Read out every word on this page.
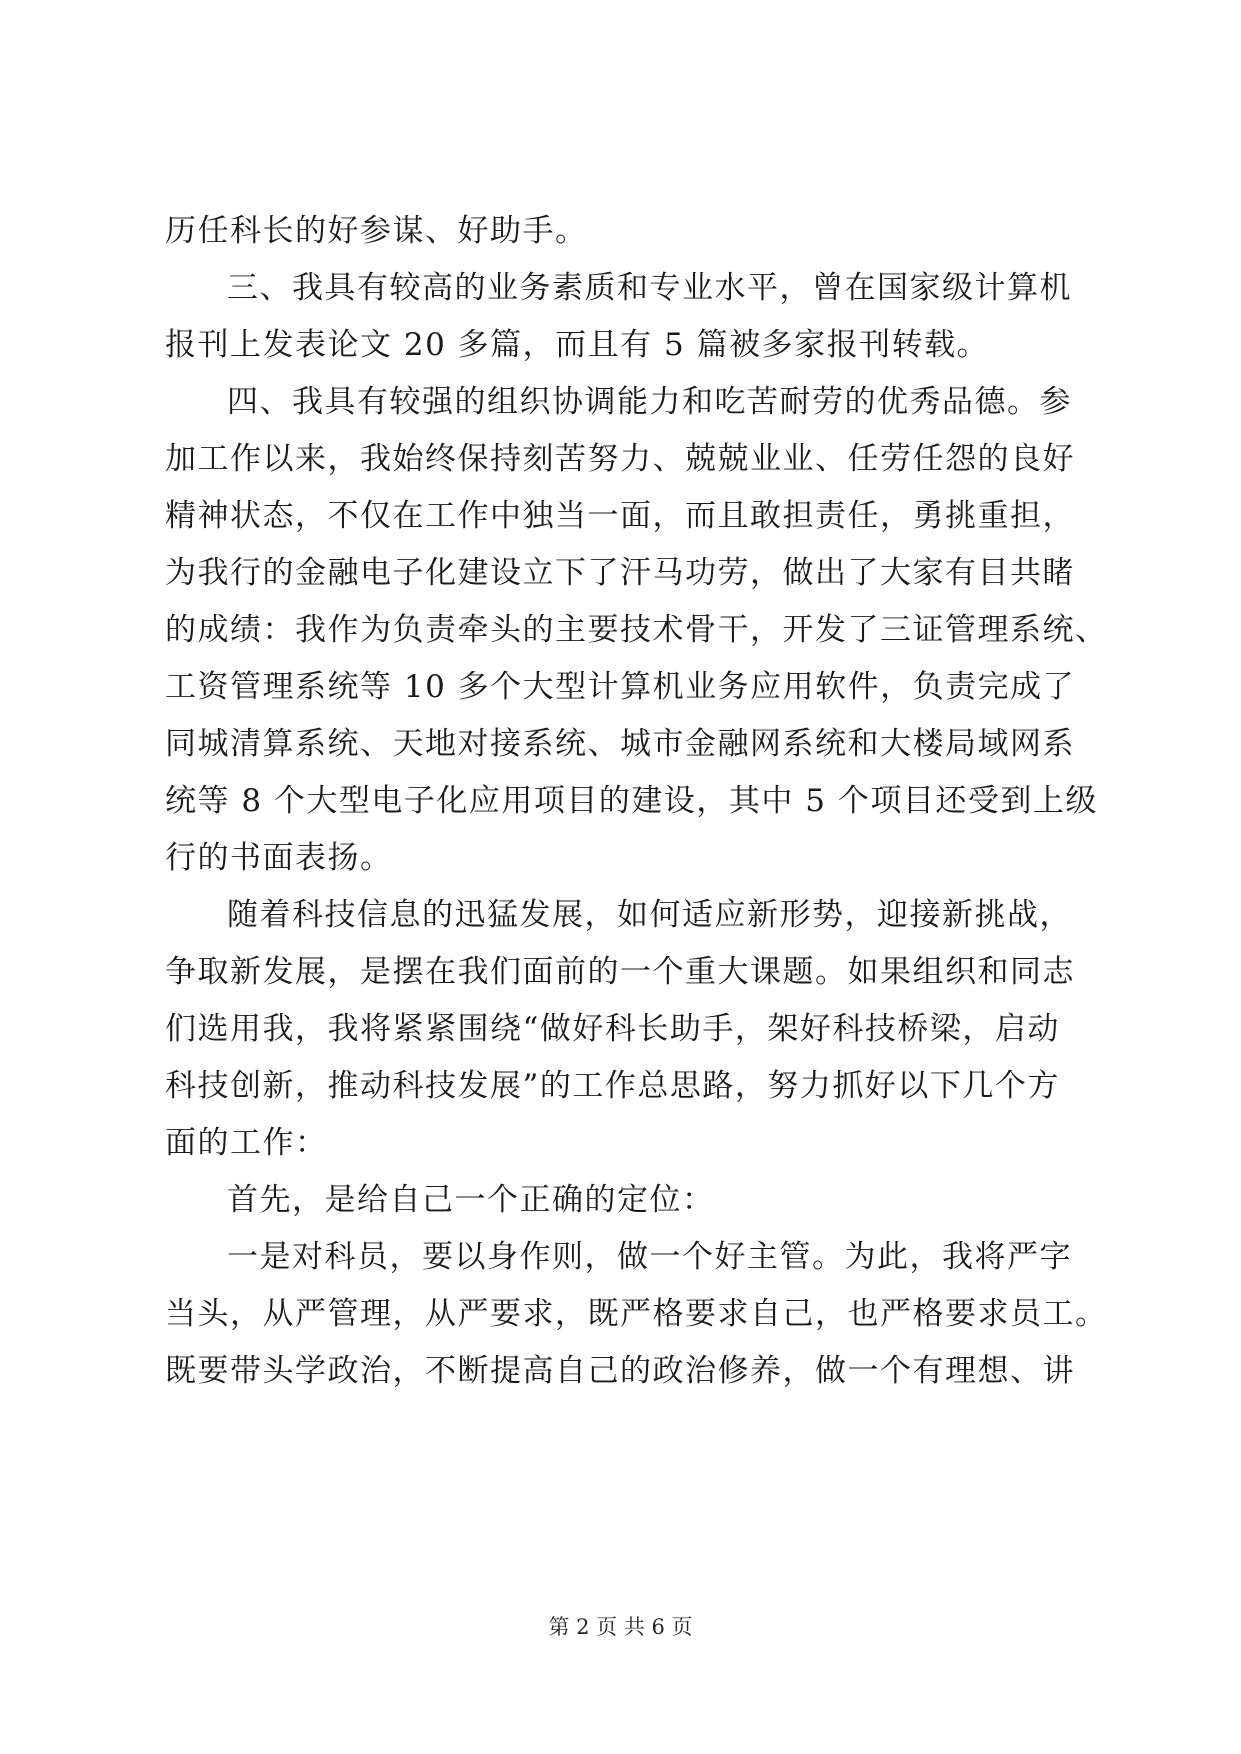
历任科长的好参谋、好助手。
三、我具有较高的业务素质和专业水平，曾在国家级计算机
报刊上发表论文 20 多篇，而且有 5 篇被多家报刊转载。
四、我具有较强的组织协调能力和吃苦耐劳的优秀品德。参
加工作以来，我始终保持刻苦努力、兢兢业业、任劳任怨的良好
精神状态，不仅在工作中独当一面，而且敢担责任，勇挑重担，
为我行的金融电子化建设立下了汗马功劳，做出了大家有目共睹
的成绩：我作为负责牵头的主要技术骨干，开发了三证管理系统、
工资管理系统等 10 多个大型计算机业务应用软件，负责完成了
同城清算系统、天地对接系统、城市金融网系统和大楼局域网系
统等 8 个大型电子化应用项目的建设，其中 5 个项目还受到上级
行的书面表扬。
随着科技信息的迅猛发展，如何适应新形势，迎接新挑战，
争取新发展，是摆在我们面前的一个重大课题。如果组织和同志
们选用我，我将紧紧围绕“做好科长助手，架好科技桥梁，启动
科技创新，推动科技发展”的工作总思路，努力抓好以下几个方
面的工作：
首先，是给自己一个正确的定位：
一是对科员，要以身作则，做一个好主管。为此，我将严字
当头，从严管理，从严要求，既严格要求自己，也严格要求员工。
既要带头学政治，不断提高自己的政治修养，做一个有理想、讲
第 2 页 共 6 页
